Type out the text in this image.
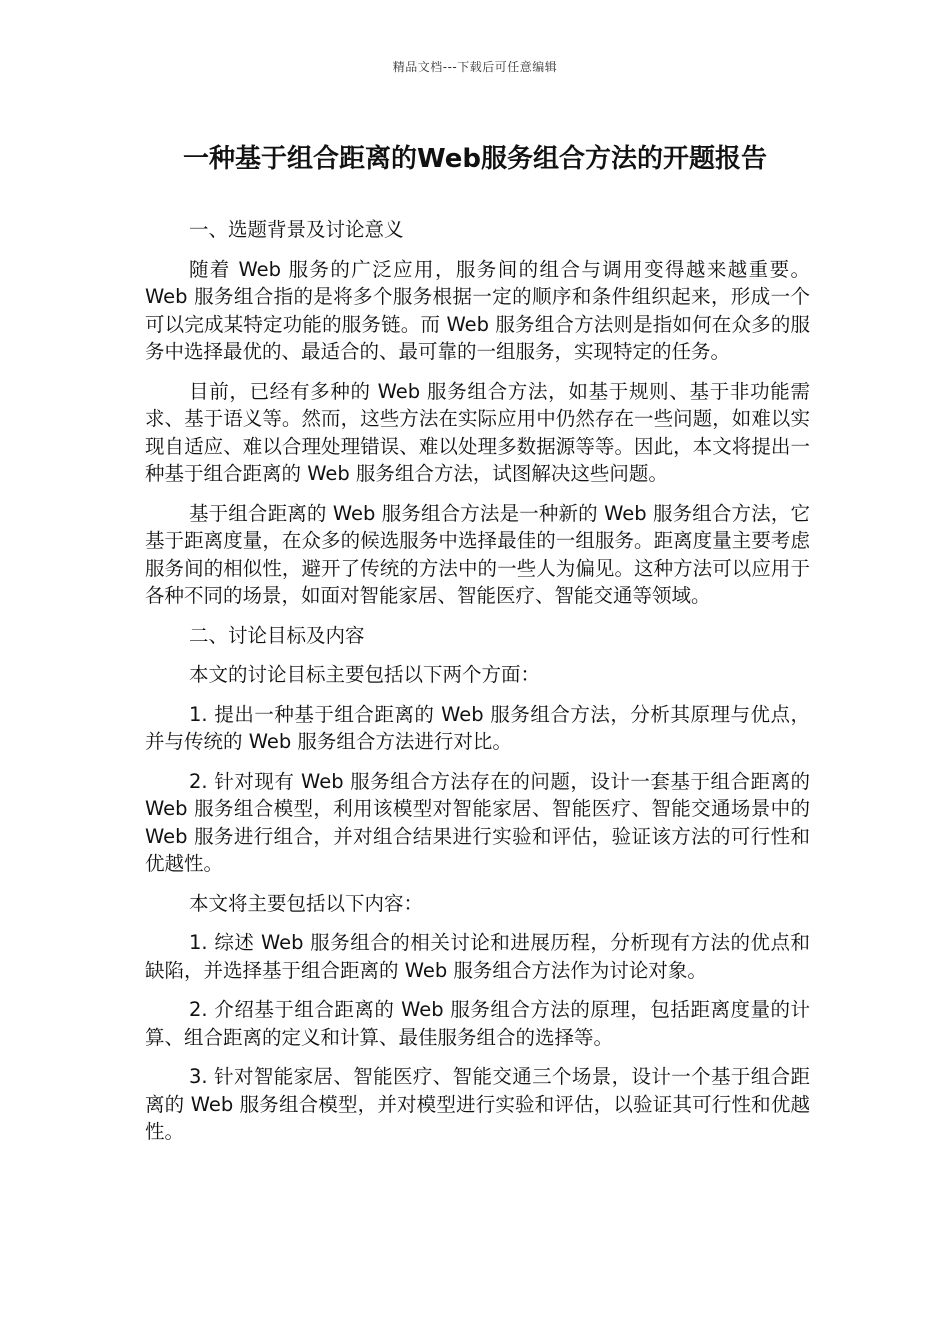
精品文档---下载后可任意编辑
一种基于组合距离的Web服务组合方法的开题报告

一、选题背景及讨论意义

随着 Web 服务的广泛应用，服务间的组合与调用变得越来越重要。Web 服务组合指的是将多个服务根据一定的顺序和条件组织起来，形成一个可以完成某特定功能的服务链。而 Web 服务组合方法则是指如何在众多的服务中选择最优的、最适合的、最可靠的一组服务，实现特定的任务。

目前，已经有多种的 Web 服务组合方法，如基于规则、基于非功能需求、基于语义等。然而，这些方法在实际应用中仍然存在一些问题，如难以实现自适应、难以合理处理错误、难以处理多数据源等等。因此，本文将提出一种基于组合距离的 Web 服务组合方法，试图解决这些问题。

基于组合距离的 Web 服务组合方法是一种新的 Web 服务组合方法，它基于距离度量，在众多的候选服务中选择最佳的一组服务。距离度量主要考虑服务间的相似性，避开了传统的方法中的一些人为偏见。这种方法可以应用于各种不同的场景，如面对智能家居、智能医疗、智能交通等领域。

二、讨论目标及内容

本文的讨论目标主要包括以下两个方面：

1. 提出一种基于组合距离的 Web 服务组合方法，分析其原理与优点，并与传统的 Web 服务组合方法进行对比。

2. 针对现有 Web 服务组合方法存在的问题，设计一套基于组合距离的 Web 服务组合模型，利用该模型对智能家居、智能医疗、智能交通场景中的 Web 服务进行组合，并对组合结果进行实验和评估，验证该方法的可行性和优越性。

本文将主要包括以下内容：

1. 综述 Web 服务组合的相关讨论和进展历程，分析现有方法的优点和缺陷，并选择基于组合距离的 Web 服务组合方法作为讨论对象。

2. 介绍基于组合距离的 Web 服务组合方法的原理，包括距离度量的计算、组合距离的定义和计算、最佳服务组合的选择等。

3. 针对智能家居、智能医疗、智能交通三个场景，设计一个基于组合距离的 Web 服务组合模型，并对模型进行实验和评估，以验证其可行性和优越性。
